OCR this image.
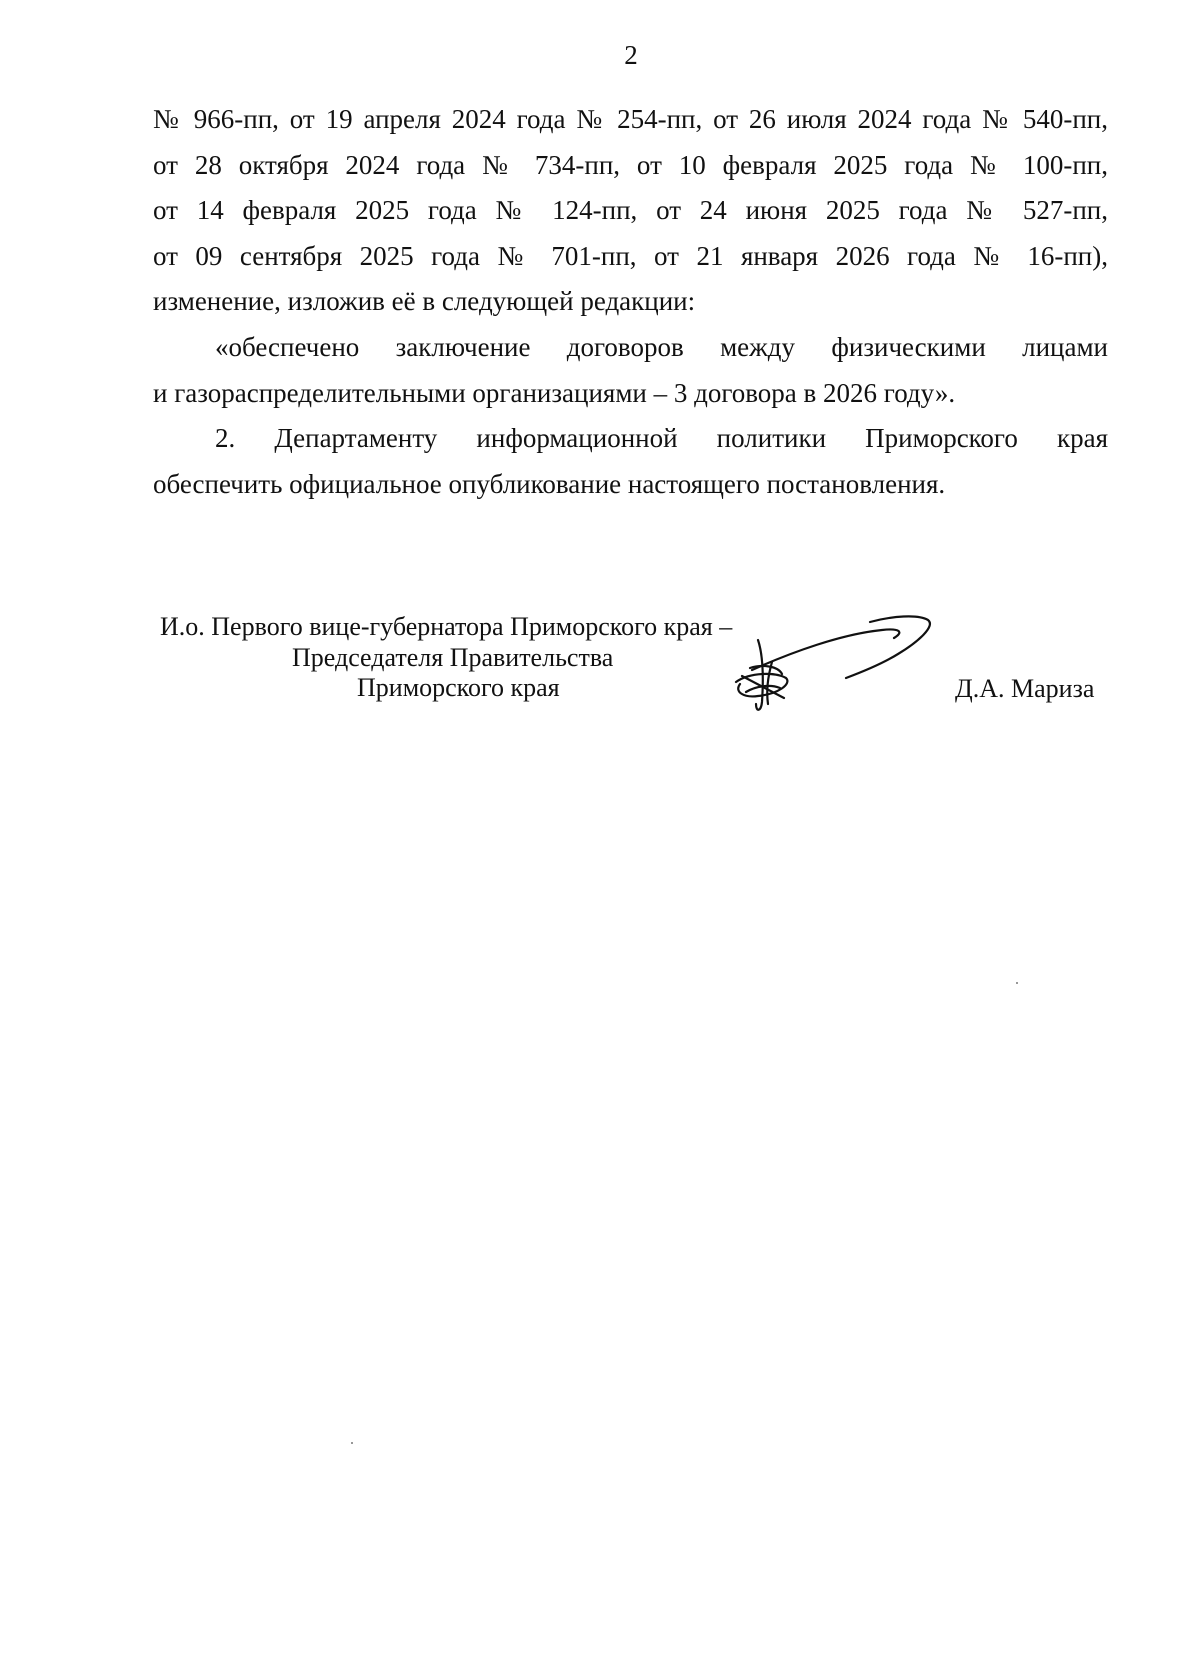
2
№ 966-пп, от 19 апреля 2024 года № 254-пп, от 26 июля 2024 года № 540-пп,
от 28 октября 2024 года № 734-пп, от 10 февраля 2025 года № 100-пп,
от 14 февраля 2025 года № 124-пп, от 24 июня 2025 года № 527-пп,
от 09 сентября 2025 года № 701-пп, от 21 января 2026 года № 16-пп),
изменение, изложив её в следующей редакции:
«обеспечено заключение договоров между физическими лицами
и газораспределительными организациями – 3 договора в 2026 году».
2. Департаменту информационной политики Приморского края
обеспечить официальное опубликование настоящего постановления.
И.о. Первого вице-губернатора Приморского края –
Председателя Правительства
Приморского края	Д.А. Мариза
